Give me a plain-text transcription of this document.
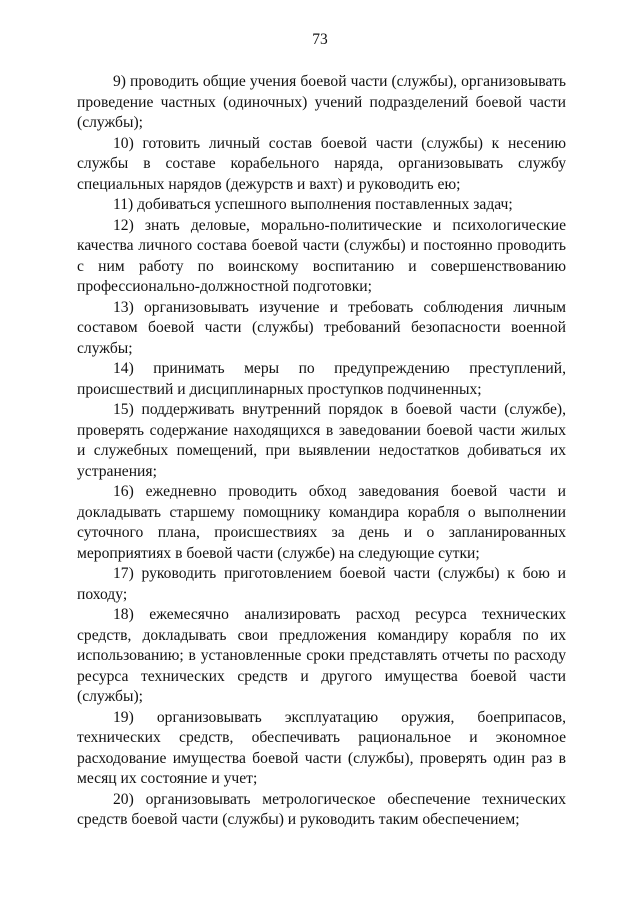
73

9) проводить общие учения боевой части (службы), организовывать проведение частных (одиночных) учений подразделений боевой части (службы);

10) готовить личный состав боевой части (службы) к несению службы в составе корабельного наряда, организовывать службу специальных нарядов (дежурств и вахт) и руководить ею;

11) добиваться успешного выполнения поставленных задач;

12) знать деловые, морально-политические и психологические качества личного состава боевой части (службы) и постоянно проводить с ним работу по воинскому воспитанию и совершенствованию профессионально-должностной подготовки;

13) организовывать изучение и требовать соблюдения личным составом боевой части (службы) требований безопасности военной службы;

14) принимать меры по предупреждению преступлений, происшествий и дисциплинарных проступков подчиненных;

15) поддерживать внутренний порядок в боевой части (службе), проверять содержание находящихся в заведовании боевой части жилых и служебных помещений, при выявлении недостатков добиваться их устранения;

16) ежедневно проводить обход заведования боевой части и докладывать старшему помощнику командира корабля о выполнении суточного плана, происшествиях за день и о запланированных мероприятиях в боевой части (службе) на следующие сутки;

17) руководить приготовлением боевой части (службы) к бою и походу;

18) ежемесячно анализировать расход ресурса технических средств, докладывать свои предложения командиру корабля по их использованию; в установленные сроки представлять отчеты по расходу ресурса технических средств и другого имущества боевой части (службы);

19) организовывать эксплуатацию оружия, боеприпасов, технических средств, обеспечивать рациональное и экономное расходование имущества боевой части (службы), проверять один раз в месяц их состояние и учет;

20) организовывать метрологическое обеспечение технических средств боевой части (службы) и руководить таким обеспечением;
